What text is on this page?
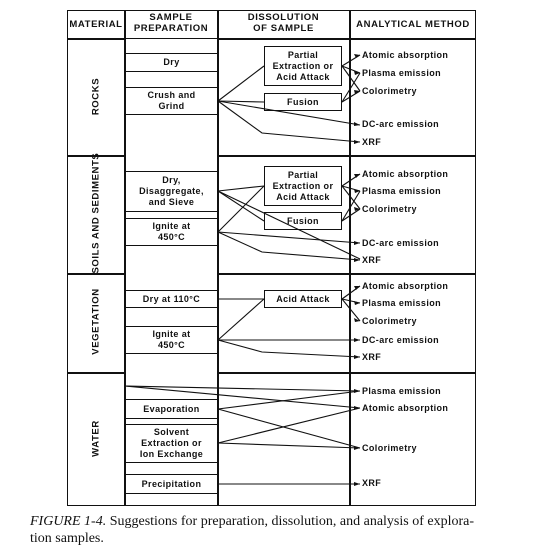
MATERIAL
SAMPLE
PREPARATION
DISSOLUTION
OF SAMPLE	ANALYTICAL METHOD
ROCKS
SOILS AND SEDIMENTS
VEGETATION
WATER
Dry
Crush and
Grind
Partial
Extraction or
Acid Attack
Fusion
Atomic absorption
Plasma emission
Colorimetry
DC-arc emission
XRF
Dry,
Disaggregate,
and Sieve
Ignite at
450°C
Partial
Extraction or
Acid Attack
Fusion
Atomic absorption
Plasma emission
Colorimetry
DC-arc emission
XRF
Dry at 110°C
Ignite at
450°C
Acid Attack
Atomic absorption
Plasma emission
Colorimetry
DC-arc emission
XRF
Evaporation
Solvent
Extraction or
Ion Exchange
Precipitation
Plasma emission
Atomic absorption
Colorimetry
XRF
FIGURE 1-4. Suggestions for preparation, dissolution, and analysis of explora-
tion samples.
